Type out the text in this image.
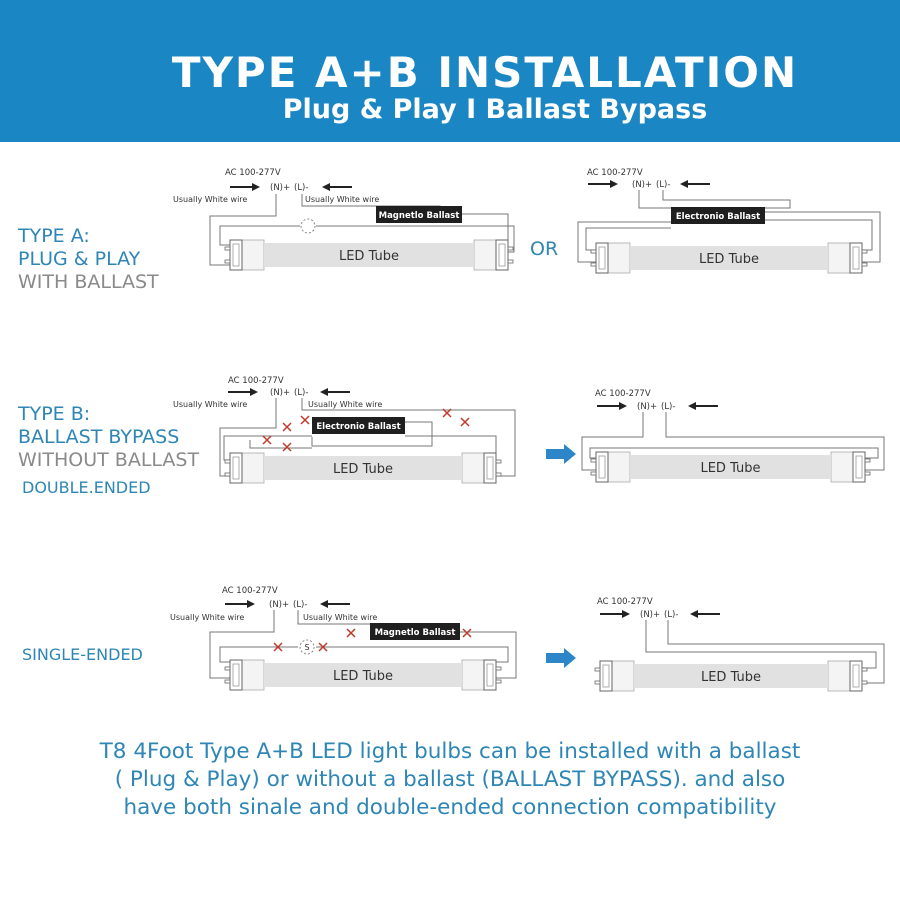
TYPE A+B INSTALLATION
Plug & Play I Ballast Bypass
TYPE A:
PLUG & PLAY
WITH BALLAST
OR
TYPE B:
BALLAST BYPASS
WITHOUT BALLAST
DOUBLE.ENDED
SINGLE-ENDED
AC 100-277V
(N)+ (L)-
Usually White wire	Usually White wire
Magnetlo Ballast
LED Tube
AC 100-277V
(N)+ (L)-
Electronio Ballast
LED Tube
AC 100-277V
(N)+ (L)-
Usually White wire	Usually White wire
Electronio Ballast
LED Tube
AC 100-277V
(N)+ (L)-
LED Tube
AC 100-277V
(N)+ (L)-
Usually White wire	Usually White wire
Magnetlo Ballast
S
LED Tube
AC 100-277V
(N)+ (L)-
LED Tube
T8 4Foot Type A+B LED light bulbs can be installed with a ballast
( Plug & Play) or without a ballast (BALLAST BYPASS). and also
have both sinale and double-ended connection compatibility
